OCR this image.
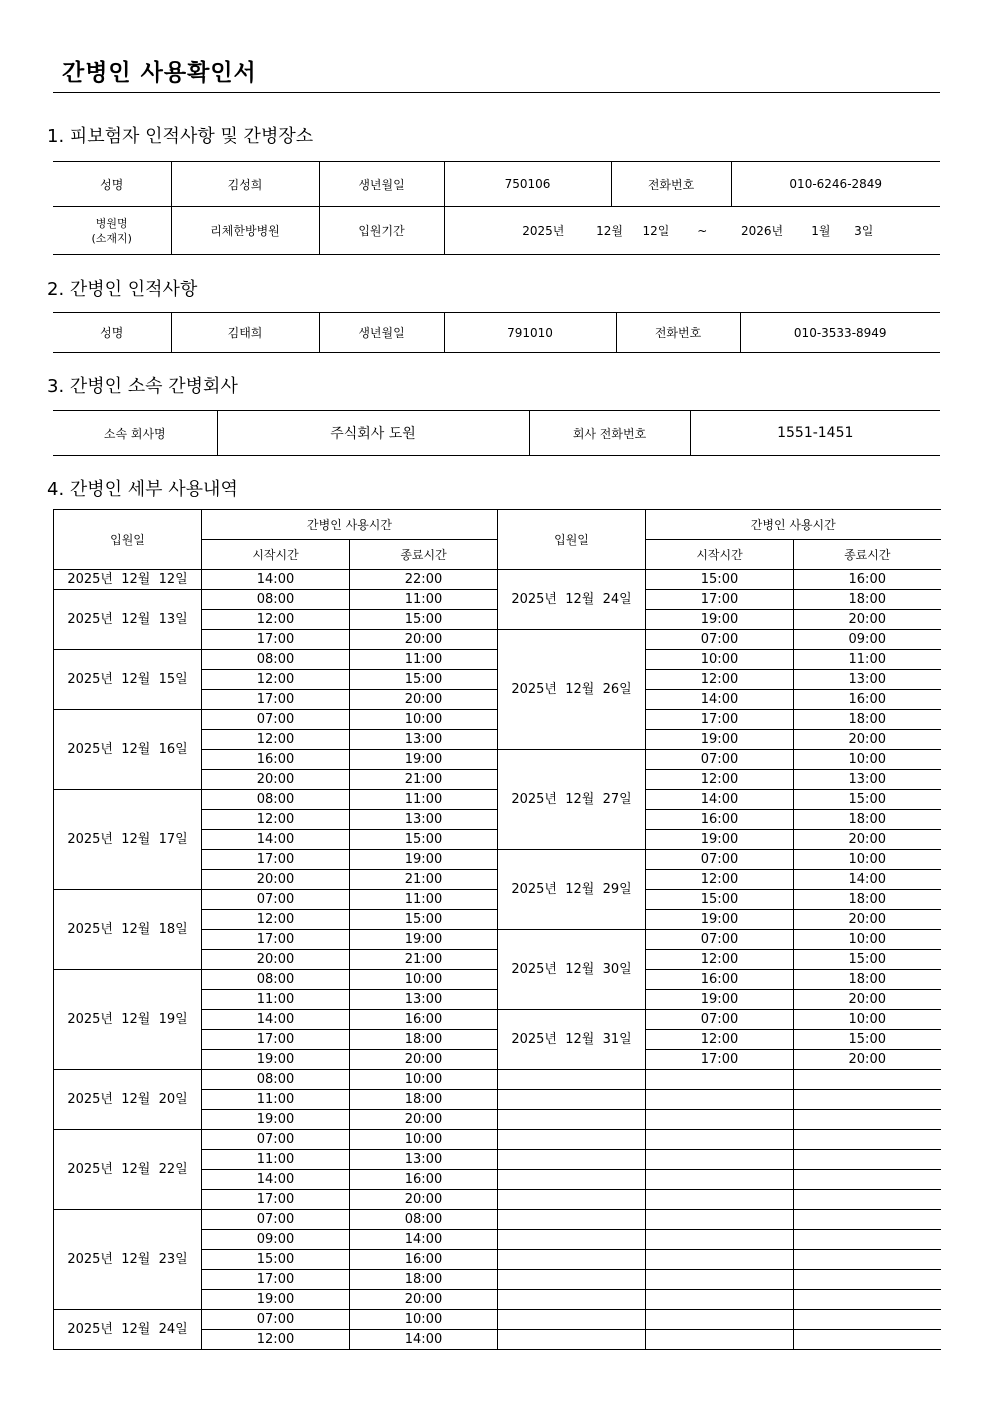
간병인 사용확인서
1. 피보험자 인적사항 및 간병장소
성명	김성희	생년월일	750106	전화번호	010-6246-2849

병원명
(소재지)	리체한방병원	입원기간	2025년 12월 12일 ~ 2026년 1월 3일		
2. 간병인 인적사항
성명	김태희	생년월일	791010	전화번호	010-3533-8949
3. 간병인 소속 간병회사
소속 회사명	주식회사 도원	회사 전화번호	1551-1451
4. 간병인 세부 사용내역
입원일	간병인 사용시간		입원일	간병인 사용시간	
	시작시간	종료시간		시작시간	종료시간
2025년  12월  12일	14:00	22:00	2025년  12월  24일	15:00	16:00
2025년  12월  13일	08:00	11:00		17:00	18:00
	12:00	15:00		19:00	20:00
	17:00	20:00	2025년  12월  26일	07:00	09:00
2025년  12월  15일	08:00	11:00		10:00	11:00
	12:00	15:00		12:00	13:00
	17:00	20:00		14:00	16:00
2025년  12월  16일	07:00	10:00		17:00	18:00
	12:00	13:00		19:00	20:00
	16:00	19:00	2025년  12월  27일	07:00	10:00
	20:00	21:00		12:00	13:00
2025년  12월  17일	08:00	11:00		14:00	15:00
	12:00	13:00		16:00	18:00
	14:00	15:00		19:00	20:00
	17:00	19:00	2025년  12월  29일	07:00	10:00
	20:00	21:00		12:00	14:00
2025년  12월  18일	07:00	11:00		15:00	18:00
	12:00	15:00		19:00	20:00
	17:00	19:00	2025년  12월  30일	07:00	10:00
	20:00	21:00		12:00	15:00
2025년  12월  19일	08:00	10:00		16:00	18:00
	11:00	13:00		19:00	20:00
	14:00	16:00	2025년  12월  31일	07:00	10:00
	17:00	18:00		12:00	15:00
	19:00	20:00		17:00	20:00
2025년  12월  20일	08:00	10:00			
	11:00	18:00			
	19:00	20:00			
2025년  12월  22일	07:00	10:00			
	11:00	13:00			
	14:00	16:00			
	17:00	20:00			
2025년  12월  23일	07:00	08:00			
	09:00	14:00			
	15:00	16:00			
	17:00	18:00			
	19:00	20:00			
2025년  12월  24일	07:00	10:00			
	12:00	14:00			
